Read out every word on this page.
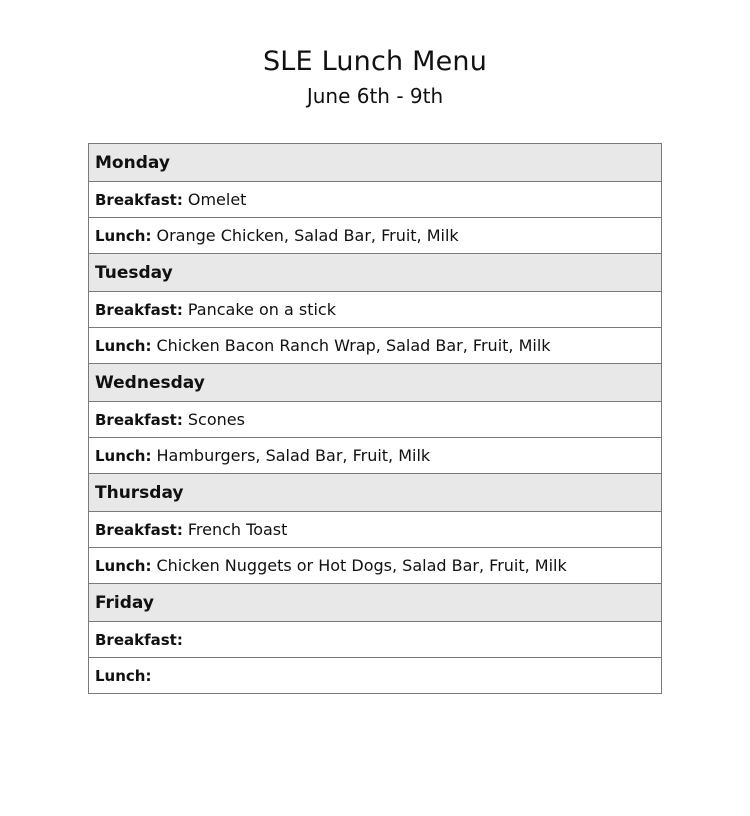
SLE Lunch Menu
June 6th - 9th
Monday
Breakfast: Omelet
Lunch: Orange Chicken, Salad Bar, Fruit, Milk
Tuesday
Breakfast: Pancake on a stick
Lunch: Chicken Bacon Ranch Wrap, Salad Bar, Fruit, Milk
Wednesday
Breakfast: Scones
Lunch: Hamburgers, Salad Bar, Fruit, Milk
Thursday
Breakfast: French Toast
Lunch: Chicken Nuggets or Hot Dogs, Salad Bar, Fruit, Milk
Friday
Breakfast:
Lunch:
